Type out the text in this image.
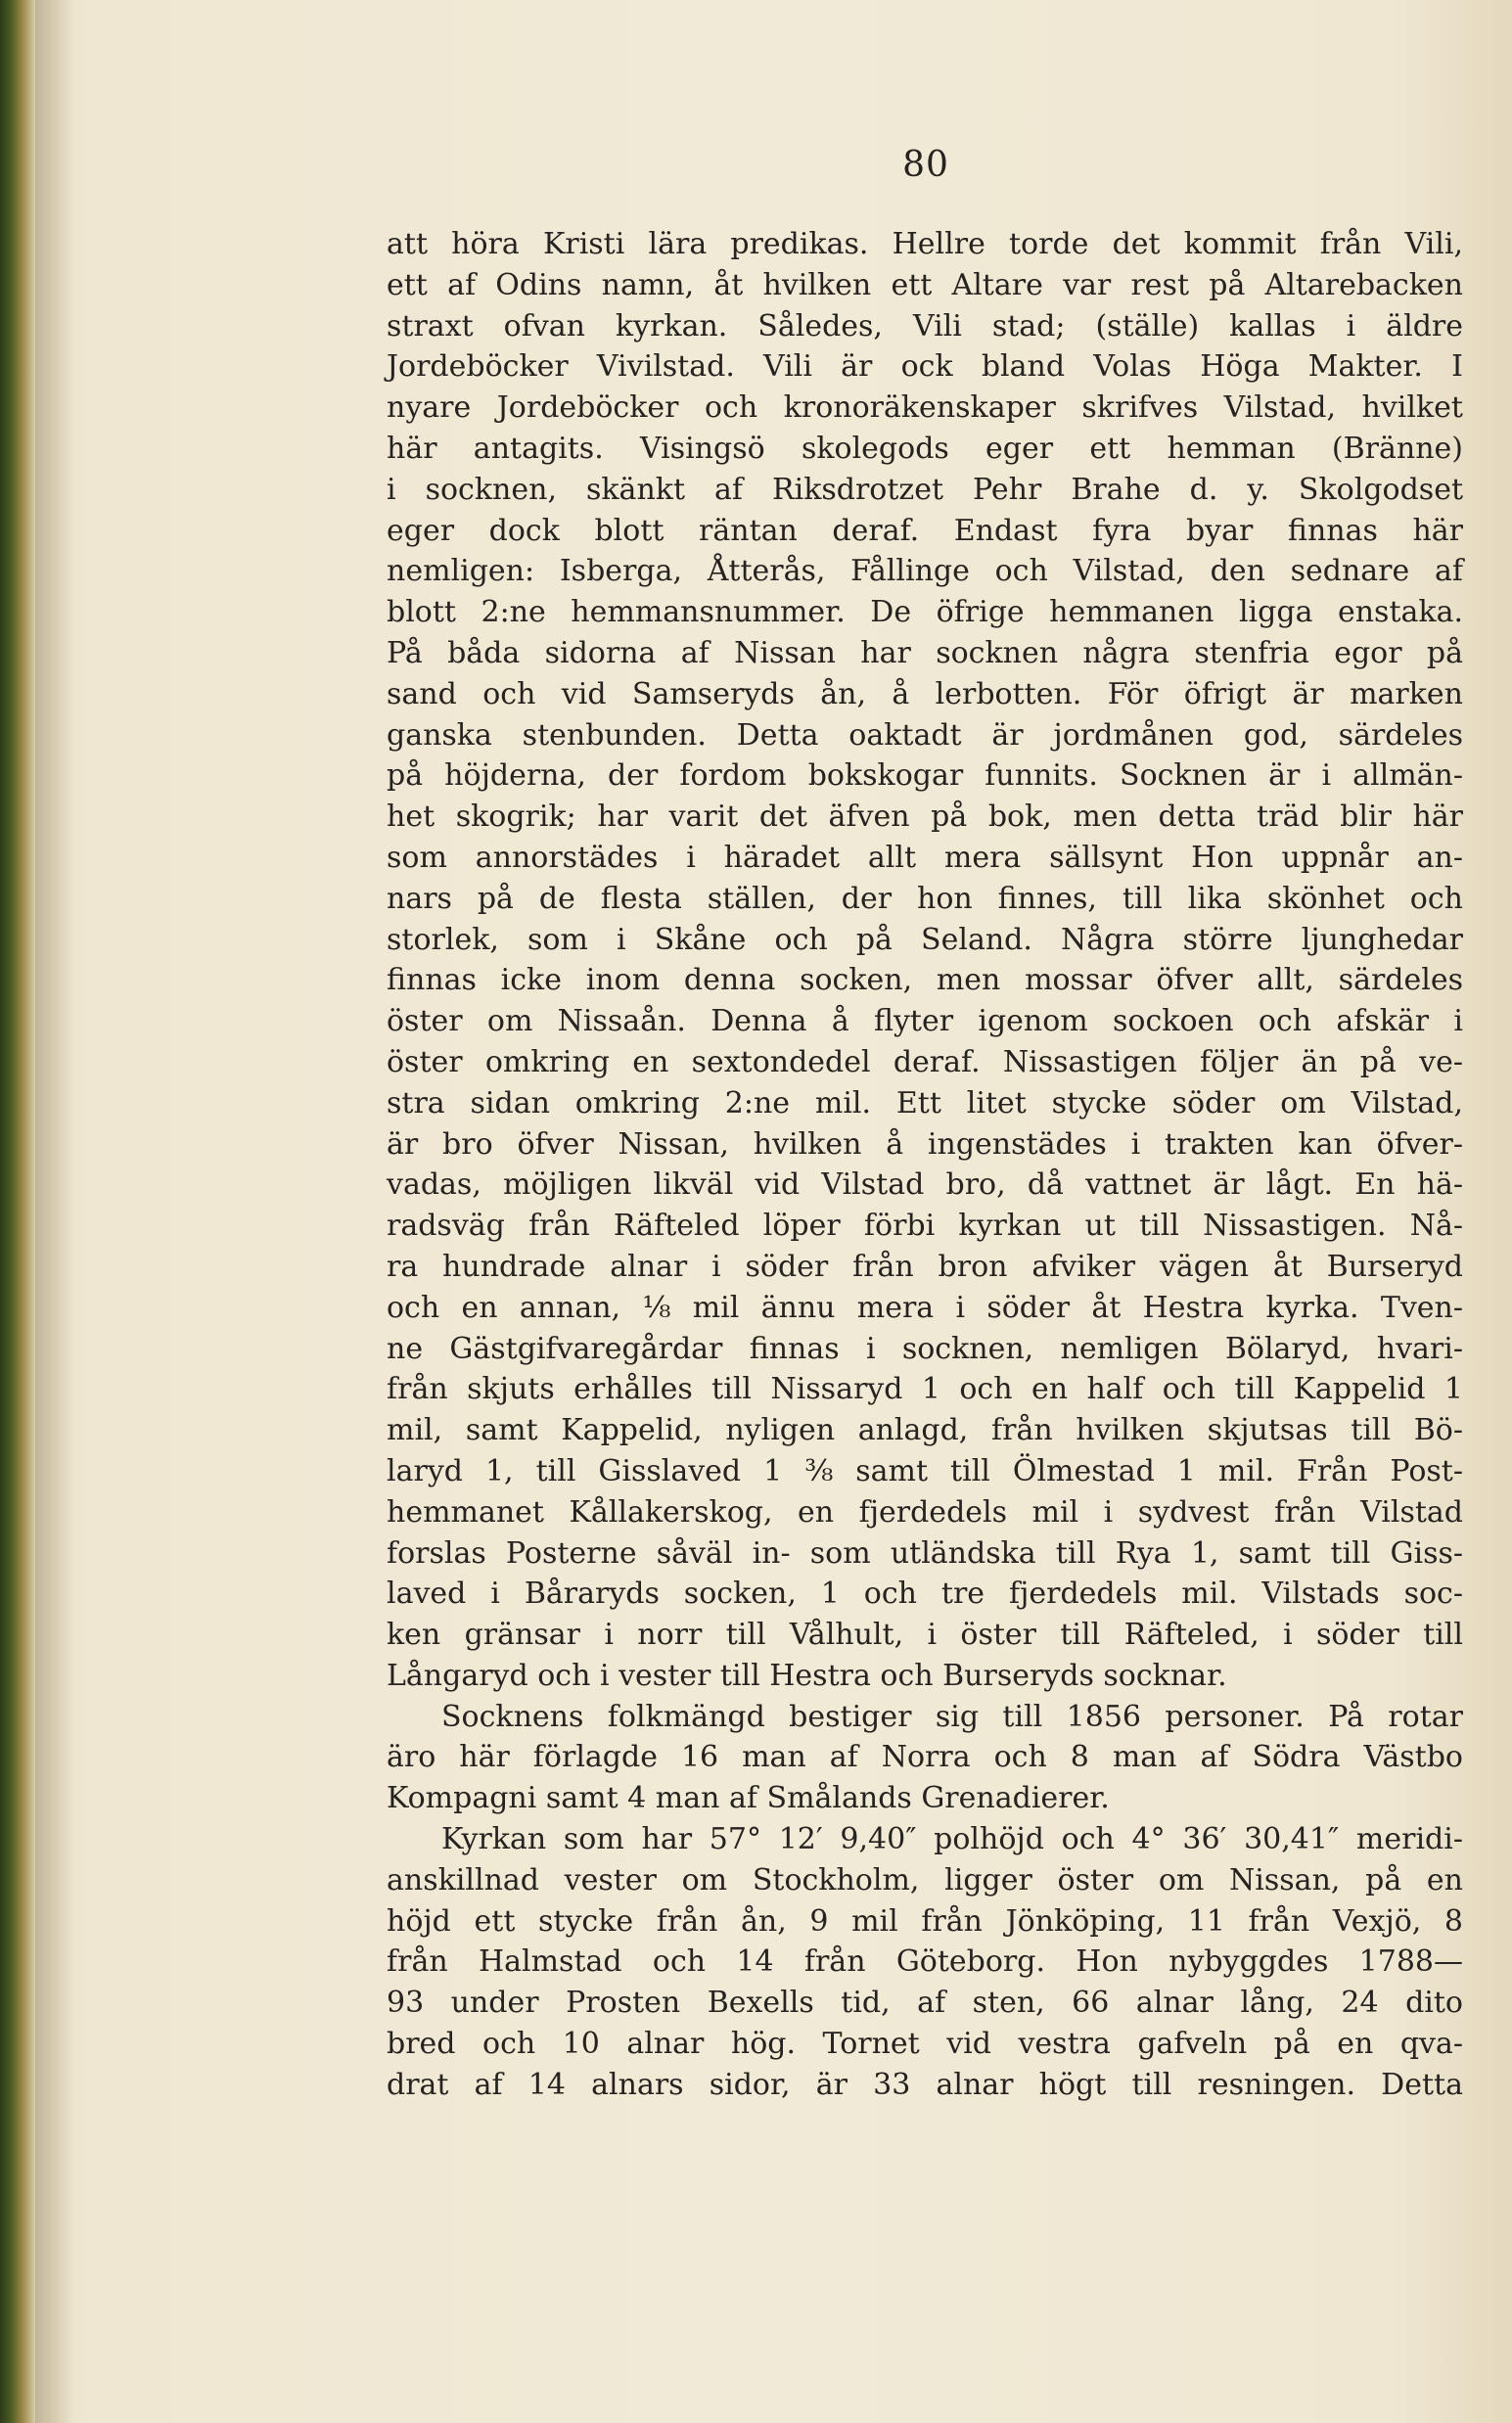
80
att höra Kristi lära predikas. Hellre torde det kommit från Vili,
ett af Odins namn, åt hvilken ett Altare var rest på Altarebacken
straxt ofvan kyrkan. Således, Vili stad; (ställe) kallas i äldre
Jordeböcker Vivilstad. Vili är ock bland Volas Höga Makter. I
nyare Jordeböcker och kronoräkenskaper skrifves Vilstad, hvilket
här antagits. Visingsö skolegods eger ett hemman (Bränne)
i socknen, skänkt af Riksdrotzet Pehr Brahe d. y. Skolgodset
eger dock blott räntan deraf. Endast fyra byar finnas här
nemligen: Isberga, Åtterås, Fållinge och Vilstad, den sednare af
blott 2:ne hemmansnummer. De öfrige hemmanen ligga enstaka.
På båda sidorna af Nissan har socknen några stenfria egor på
sand och vid Samseryds ån, å lerbotten. För öfrigt är marken
ganska stenbunden. Detta oaktadt är jordmånen god, särdeles
på höjderna, der fordom bokskogar funnits. Socknen är i allmän-
het skogrik; har varit det äfven på bok, men detta träd blir här
som annorstädes i häradet allt mera sällsynt Hon uppnår an-
nars på de flesta ställen, der hon finnes, till lika skönhet och
storlek, som i Skåne och på Seland. Några större ljunghedar
finnas icke inom denna socken, men mossar öfver allt, särdeles
öster om Nissaån. Denna å flyter igenom sockoen och afskär i
öster omkring en sextondedel deraf. Nissastigen följer än på ve-
stra sidan omkring 2:ne mil. Ett litet stycke söder om Vilstad,
är bro öfver Nissan, hvilken å ingenstädes i trakten kan öfver-
vadas, möjligen likväl vid Vilstad bro, då vattnet är lågt. En hä-
radsväg från Räfteled löper förbi kyrkan ut till Nissastigen. Nå-
ra hundrade alnar i söder från bron afviker vägen åt Burseryd
och en annan, ⅛ mil ännu mera i söder åt Hestra kyrka. Tven-
ne Gästgifvaregårdar finnas i socknen, nemligen Bölaryd, hvari-
från skjuts erhålles till Nissaryd 1 och en half och till Kappelid 1
mil, samt Kappelid, nyligen anlagd, från hvilken skjutsas till Bö-
laryd 1, till Gisslaved 1 ⅜ samt till Ölmestad 1 mil. Från Post-
hemmanet Kållakerskog, en fjerdedels mil i sydvest från Vilstad
forslas Posterne såväl in- som utländska till Rya 1, samt till Giss-
laved i Båraryds socken, 1 och tre fjerdedels mil. Vilstads soc-
ken gränsar i norr till Vålhult, i öster till Räfteled, i söder till
Långaryd och i vester till Hestra och Burseryds socknar.
Socknens folkmängd bestiger sig till 1856 personer. På rotar
äro här förlagde 16 man af Norra och 8 man af Södra Västbo
Kompagni samt 4 man af Smålands Grenadierer.
Kyrkan som har 57° 12′ 9,40″ polhöjd och 4° 36′ 30,41″ meridi-
anskillnad vester om Stockholm, ligger öster om Nissan, på en
höjd ett stycke från ån, 9 mil från Jönköping, 11 från Vexjö, 8
från Halmstad och 14 från Göteborg. Hon nybyggdes 1788—
93 under Prosten Bexells tid, af sten, 66 alnar lång, 24 dito
bred och 10 alnar hög. Tornet vid vestra gafveln på en qva-
drat af 14 alnars sidor, är 33 alnar högt till resningen. Detta
